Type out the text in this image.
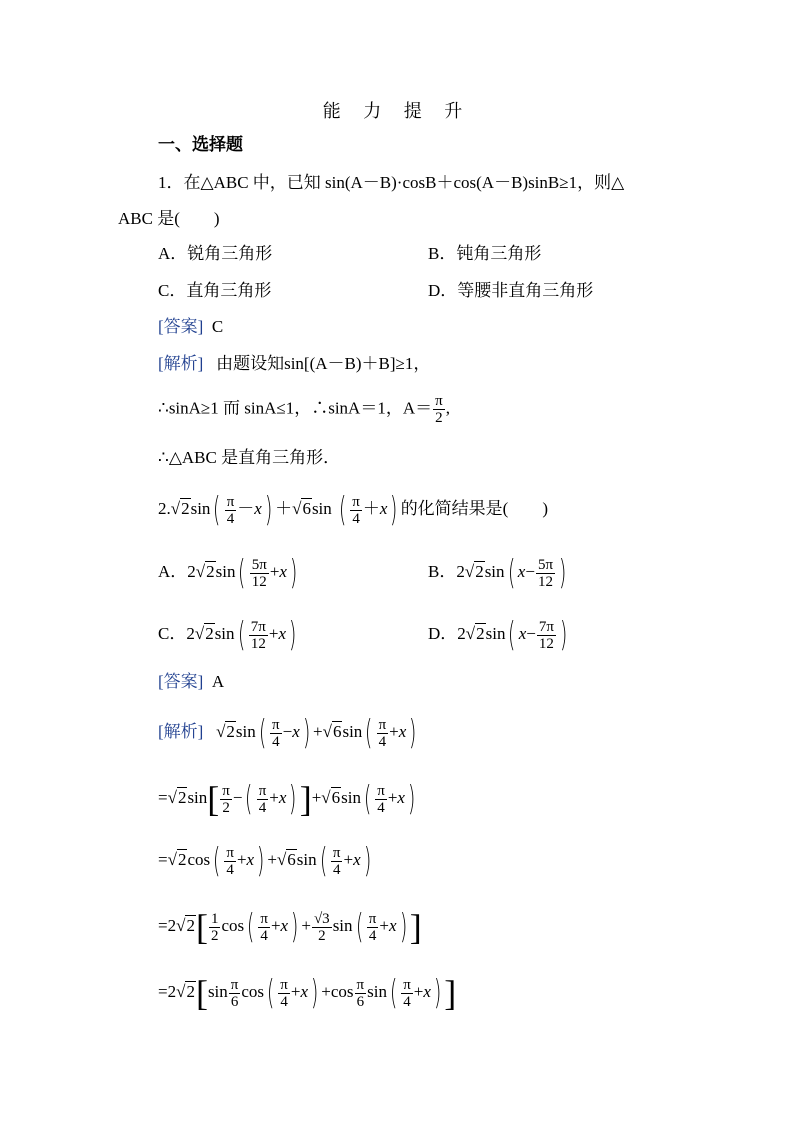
能 力 提 升
一、选择题
1．在△ABC 中，已知 sin(A－B)·cosB＋cos(A－B)sinB≥1，则△
ABC 是(　　)
A．锐角三角形	B．钝角三角形
C．直角三角形	D．等腰非直角三角形
[答案] C
[解析] 由题设知sin[(A－B)＋B]≥1，
∴sinA≥1 而 sinA≤1，∴sinA＝1，$A= \frac{\pi}{2}$ ,
∴△ABC 是直角三角形．
$2.√2\sin( \frac{\pi}{4} -x) +√6\sin$ ( $\frac{\pi}{4} +x$) 的化简结果是(　　)
A．$2√2\sin( \frac{5\pi}{12} +x)$	B．2√2sin( $x- \frac{5\pi}{12}$ )
C．$2√2\sin( \frac{7\pi}{12} +x)$	D．2√2sin( $x- \frac{7\pi}{12}$ )
[答案] A
[解析] $√2\sin( \frac{\pi}{4} -x) +√6\sin( \frac{\pi}{4} +x)$
$=√2\sin[ \frac{\pi}{2}$ −( $\frac{\pi}{4} +x)]+√6\sin( \frac{\pi}{4} +x)$
$=√2\cos( \frac{\pi}{4} +x) +√6\sin( \frac{\pi}{4} +x)$
$=2√2[ \frac{1}{2} \cos( \frac{\pi}{4} +x) + \frac{√3}{2} \sin( \frac{\pi}{4} +x)]$
$=2√2[\sin \frac{\pi}{6} \cos( \frac{\pi}{4} +x) +\cos \frac{\pi}{6} \sin( \frac{\pi}{4} +x)]$
